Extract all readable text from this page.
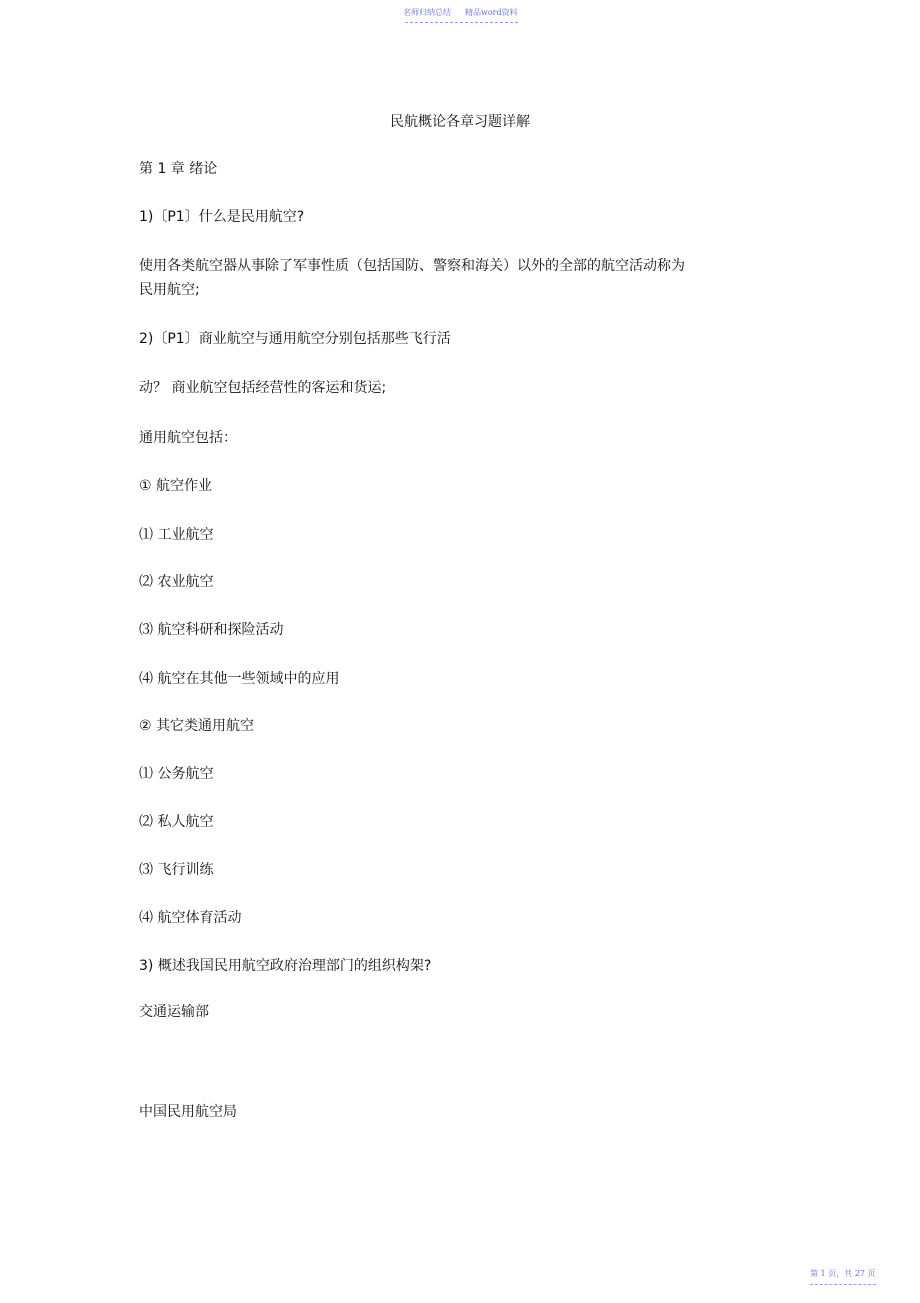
名师归纳总结 精品word资料
民航概论各章习题详解
第 1 章 绪论
1)〔P1〕什么是民用航空?
使用各类航空器从事除了军事性质（包括国防、警察和海关）以外的全部的航空活动称为
民用航空;
2)〔P1〕商业航空与通用航空分别包括那些飞行活
动？ 商业航空包括经营性的客运和货运;
通用航空包括：
① 航空作业
⑴ 工业航空
⑵ 农业航空
⑶ 航空科研和探险活动
⑷ 航空在其他一些领域中的应用
② 其它类通用航空
⑴ 公务航空
⑵ 私人航空
⑶ 飞行训练
⑷ 航空体育活动
3) 概述我国民用航空政府治理部门的组织构架?
交通运输部
中国民用航空局
第 1 页，共 27 页
